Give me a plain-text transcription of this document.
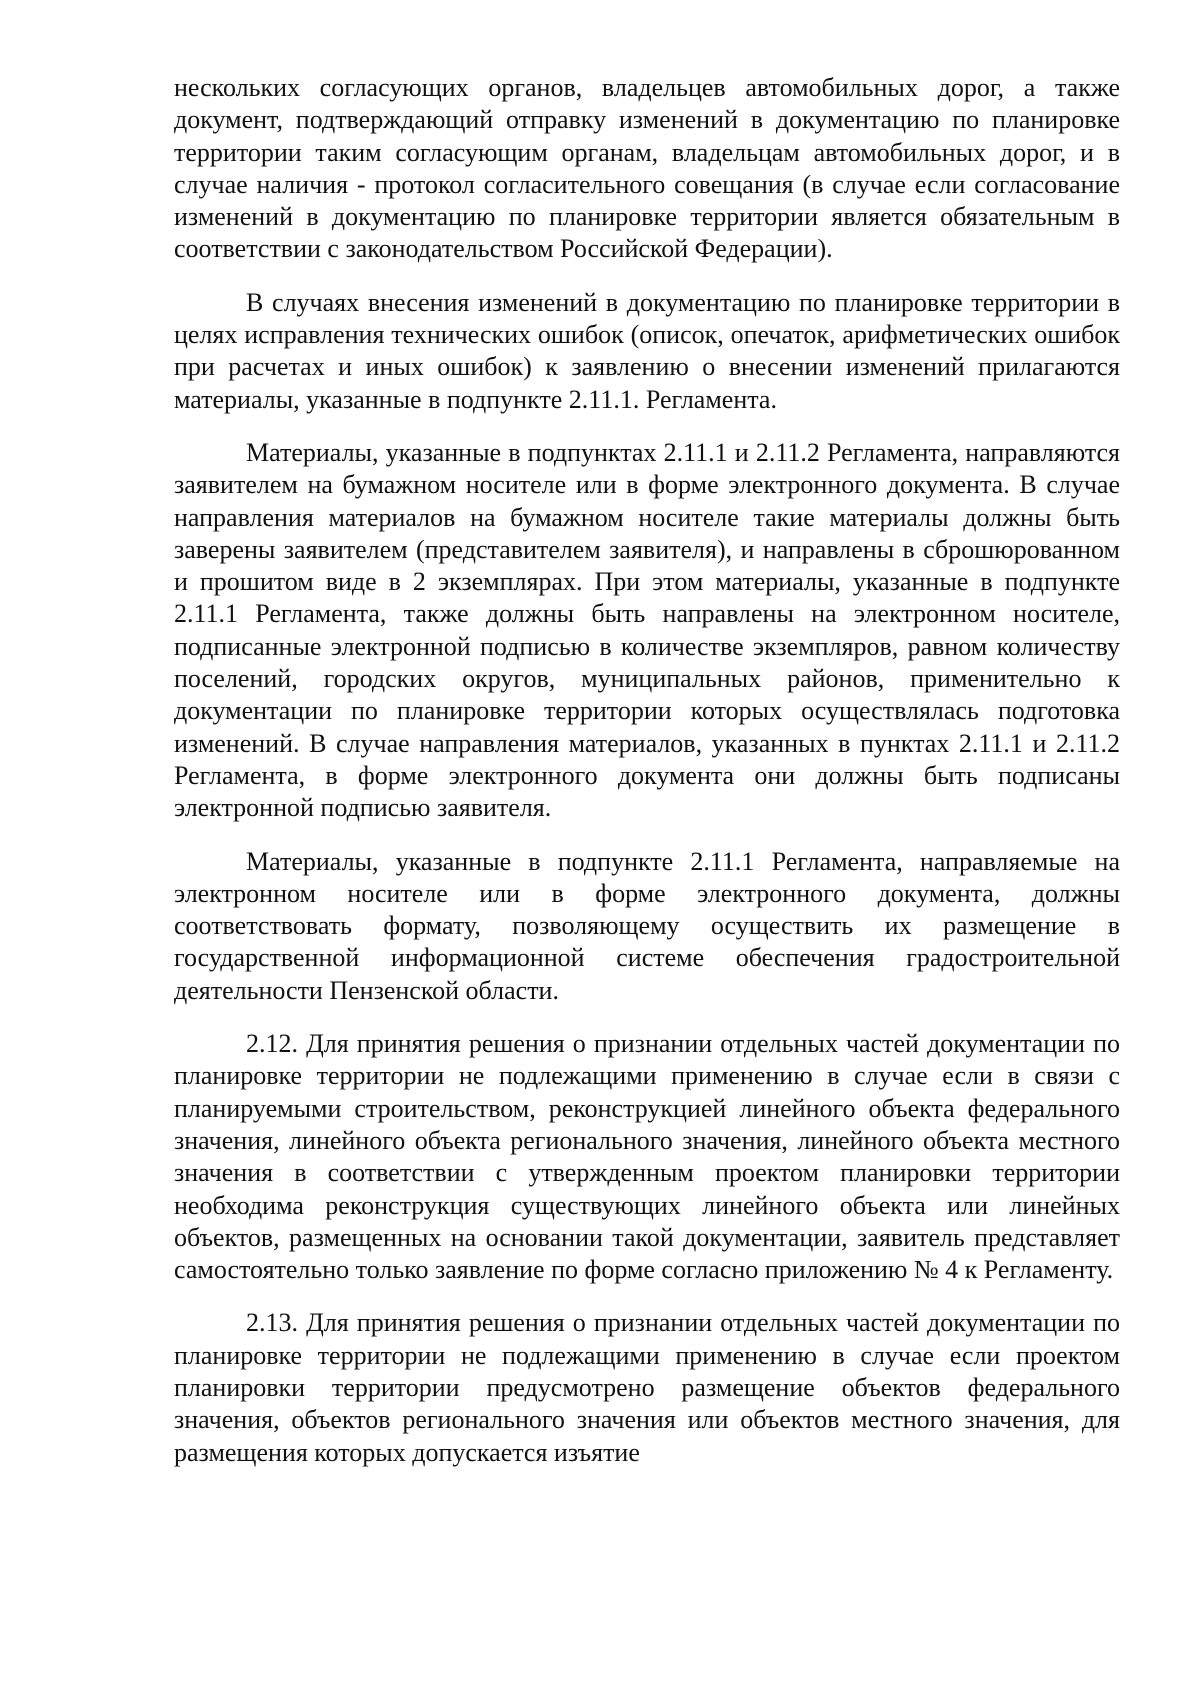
нескольких согласующих органов, владельцев автомобильных дорог, а также документ, подтверждающий отправку изменений в документацию по планировке территории таким согласующим органам, владельцам автомобильных дорог, и в случае наличия - протокол согласительного совещания (в случае если согласование изменений в документацию по планировке территории является обязательным в соответствии с законодательством Российской Федерации).

В случаях внесения изменений в документацию по планировке территории в целях исправления технических ошибок (описок, опечаток, арифметических ошибок при расчетах и иных ошибок) к заявлению о внесении изменений прилагаются материалы, указанные в подпункте 2.11.1. Регламента.

Материалы, указанные в подпунктах 2.11.1 и 2.11.2 Регламента, направляются заявителем на бумажном носителе или в форме электронного документа. В случае направления материалов на бумажном носителе такие материалы должны быть заверены заявителем (представителем заявителя), и направлены в сброшюрованном и прошитом виде в 2 экземплярах. При этом материалы, указанные в подпункте 2.11.1 Регламента, также должны быть направлены на электронном носителе, подписанные электронной подписью в количестве экземпляров, равном количеству поселений, городских округов, муниципальных районов, применительно к документации по планировке территории которых осуществлялась подготовка изменений. В случае направления материалов, указанных в пунктах 2.11.1 и 2.11.2 Регламента, в форме электронного документа они должны быть подписаны электронной подписью заявителя.

Материалы, указанные в подпункте 2.11.1 Регламента, направляемые на электронном носителе или в форме электронного документа, должны соответствовать формату, позволяющему осуществить их размещение в государственной информационной системе обеспечения градостроительной деятельности Пензенской области.

2.12. Для принятия решения о признании отдельных частей документации по планировке территории не подлежащими применению в случае если в связи с планируемыми строительством, реконструкцией линейного объекта федерального значения, линейного объекта регионального значения, линейного объекта местного значения в соответствии с утвержденным проектом планировки территории необходима реконструкция существующих линейного объекта или линейных объектов, размещенных на основании такой документации, заявитель представляет самостоятельно только заявление по форме согласно приложению № 4 к Регламенту.

2.13. Для принятия решения о признании отдельных частей документации по планировке территории не подлежащими применению в случае если проектом планировки территории предусмотрено размещение объектов федерального значения, объектов регионального значения или объектов местного значения, для размещения которых допускается изъятие
